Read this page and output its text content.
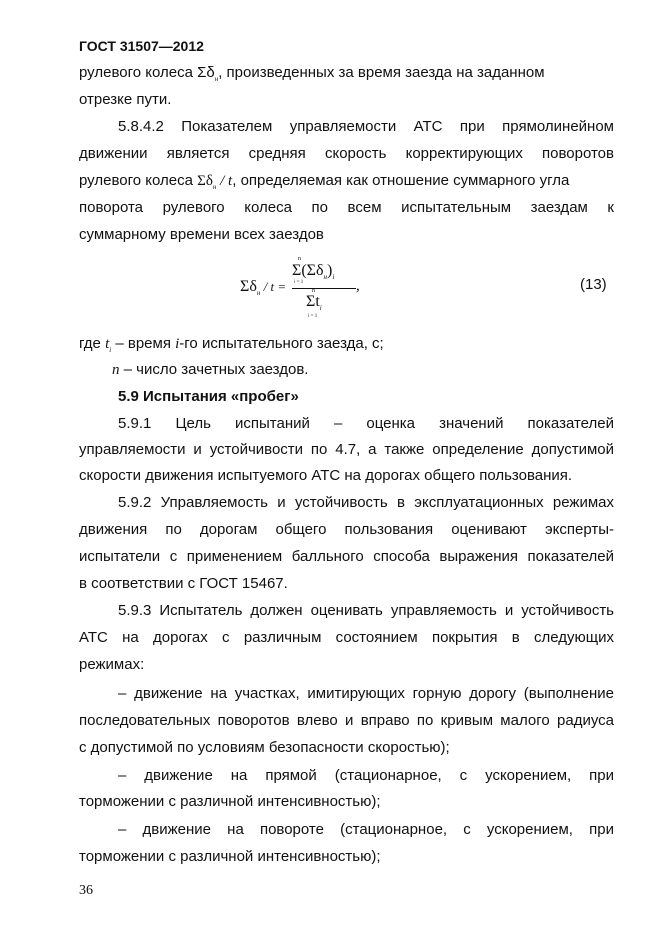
ГОСТ 31507—2012
рулевого колеса $\Sigma\delta_н$, произведенных за время заезда на заданном
отрезке пути.
5.8.4.2 Показателем управляемости АТС при прямолинейном
движении является средняя скорость корректирующих поворотов
рулевого колеса $\Sigma\delta_н$ / t, определяемая как отношение суммарного угла
поворота рулевого колеса по всем испытательным заездам к
суммарному времени всех заездов
$\Sigma\delta_н$ / t =
n
$\Sigma(\Sigma\delta_н)_i$
i = 1
n
$\Sigma t_i$
i = 1
,	(13)
где $t_i$ – время i-го испытательного заезда, с;
n – число зачетных заездов.
5.9 Испытания «пробег»
5.9.1 Цель испытаний – оценка значений показателей
управляемости и устойчивости по 4.7, а также определение допустимой
скорости движения испытуемого АТС на дорогах общего пользования.
5.9.2 Управляемость и устойчивость в эксплуатационных режимах
движения по дорогам общего пользования оценивают эксперты-
испытатели с применением балльного способа выражения показателей
в соответствии с ГОСТ 15467.
5.9.3 Испытатель должен оценивать управляемость и устойчивость
АТС на дорогах с различным состоянием покрытия в следующих
режимах:
– движение на участках, имитирующих горную дорогу (выполнение
последовательных поворотов влево и вправо по кривым малого радиуса
с допустимой по условиям безопасности скоростью);
– движение на прямой (стационарное, с ускорением, при
торможении с различной интенсивностью);
– движение на повороте (стационарное, с ускорением, при
торможении с различной интенсивностью);
36
